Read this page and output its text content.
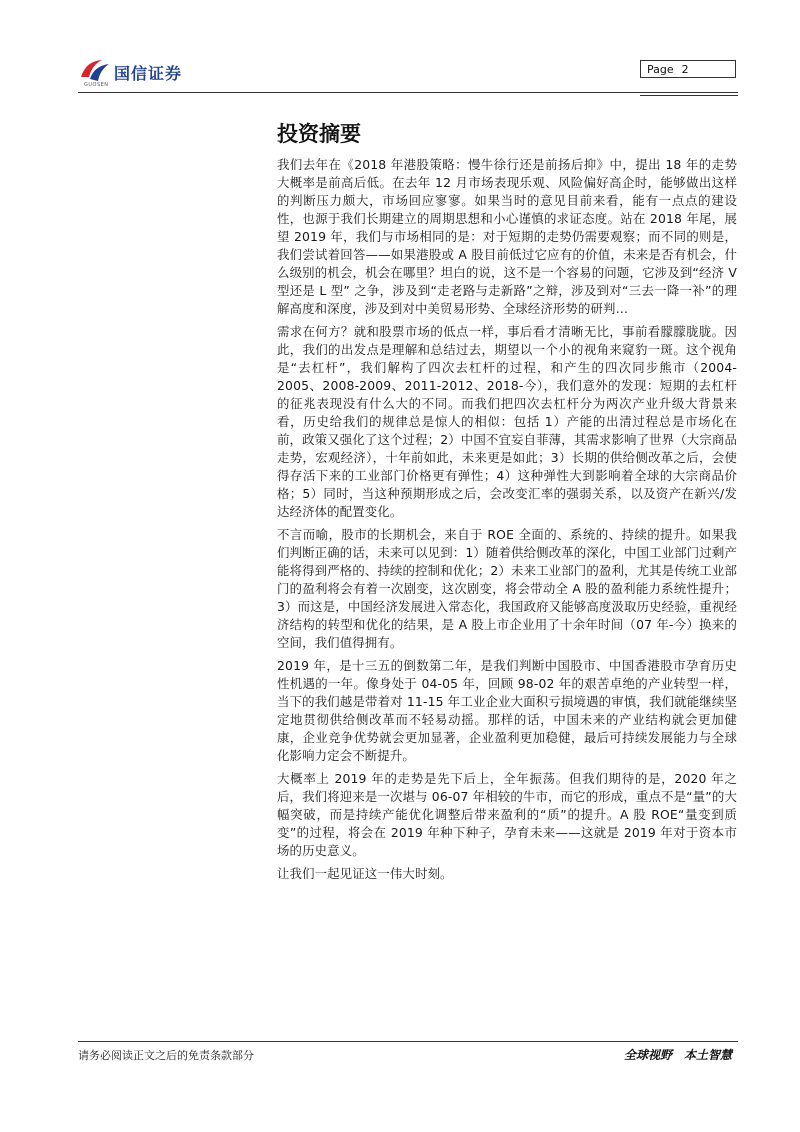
国信证券
GUOSEN
Page 2
投资摘要

我们去年在《2018 年港股策略：慢牛徐行还是前扬后抑》中，提出 18 年的走势大概率是前高后低。在去年 12 月市场表现乐观、风险偏好高企时，能够做出这样的判断压力颇大，市场回应寥寥。如果当时的意见目前来看，能有一点点的建设性，也源于我们长期建立的周期思想和小心谨慎的求证态度。站在 2018 年尾，展望 2019 年，我们与市场相同的是：对于短期的走势仍需要观察；而不同的则是，我们尝试着回答——如果港股或 A 股目前低过它应有的价值，未来是否有机会，什么级别的机会，机会在哪里？坦白的说，这不是一个容易的问题，它涉及到“经济 V 型还是 L 型” 之争，涉及到“走老路与走新路”之辩，涉及到对“三去一降一补”的理解高度和深度，涉及到对中美贸易形势、全球经济形势的研判…

需求在何方？就和股票市场的低点一样，事后看才清晰无比，事前看朦朦胧胧。因此，我们的出发点是理解和总结过去，期望以一个小的视角来窥豹一斑。这个视角是“去杠杆”，我们解构了四次去杠杆的过程，和产生的四次同步熊市（2004-2005、2008-2009、2011-2012、2018-今），我们意外的发现：短期的去杠杆的征兆表现没有什么大的不同。而我们把四次去杠杆分为两次产业升级大背景来看，历史给我们的规律总是惊人的相似：包括 1）产能的出清过程总是市场化在前，政策又强化了这个过程；2）中国不宜妄自菲薄，其需求影响了世界（大宗商品走势，宏观经济），十年前如此，未来更是如此；3）长期的供给侧改革之后，会使得存活下来的工业部门价格更有弹性；4）这种弹性大到影响着全球的大宗商品价格；5）同时，当这种预期形成之后，会改变汇率的强弱关系，以及资产在新兴/发达经济体的配置变化。

不言而喻，股市的长期机会，来自于 ROE 全面的、系统的、持续的提升。如果我们判断正确的话，未来可以见到：1）随着供给侧改革的深化，中国工业部门过剩产能将得到严格的、持续的控制和优化；2）未来工业部门的盈利，尤其是传统工业部门的盈利将会有着一次剧变，这次剧变，将会带动全 A 股的盈利能力系统性提升；3）而这是，中国经济发展进入常态化，我国政府又能够高度汲取历史经验，重视经济结构的转型和优化的结果，是 A 股上市企业用了十余年时间（07 年-今）换来的空间，我们值得拥有。

2019 年，是十三五的倒数第二年，是我们判断中国股市、中国香港股市孕育历史性机遇的一年。像身处于 04-05 年，回顾 98-02 年的艰苦卓绝的产业转型一样，当下的我们越是带着对 11-15 年工业企业大面积亏损境遇的审慎，我们就能继续坚定地贯彻供给侧改革而不轻易动摇。那样的话，中国未来的产业结构就会更加健康，企业竞争优势就会更加显著，企业盈利更加稳健，最后可持续发展能力与全球化影响力定会不断提升。

大概率上 2019 年的走势是先下后上，全年振荡。但我们期待的是，2020 年之后，我们将迎来是一次堪与 06-07 年相较的牛市，而它的形成，重点不是“量”的大幅突破，而是持续产能优化调整后带来盈利的“质”的提升。A 股 ROE“量变到质变”的过程，将会在 2019 年种下种子，孕育未来——这就是 2019 年对于资本市场的历史意义。

让我们一起见证这一伟大时刻。

请务必阅读正文之后的免责条款部分	全球视野　本土智慧
